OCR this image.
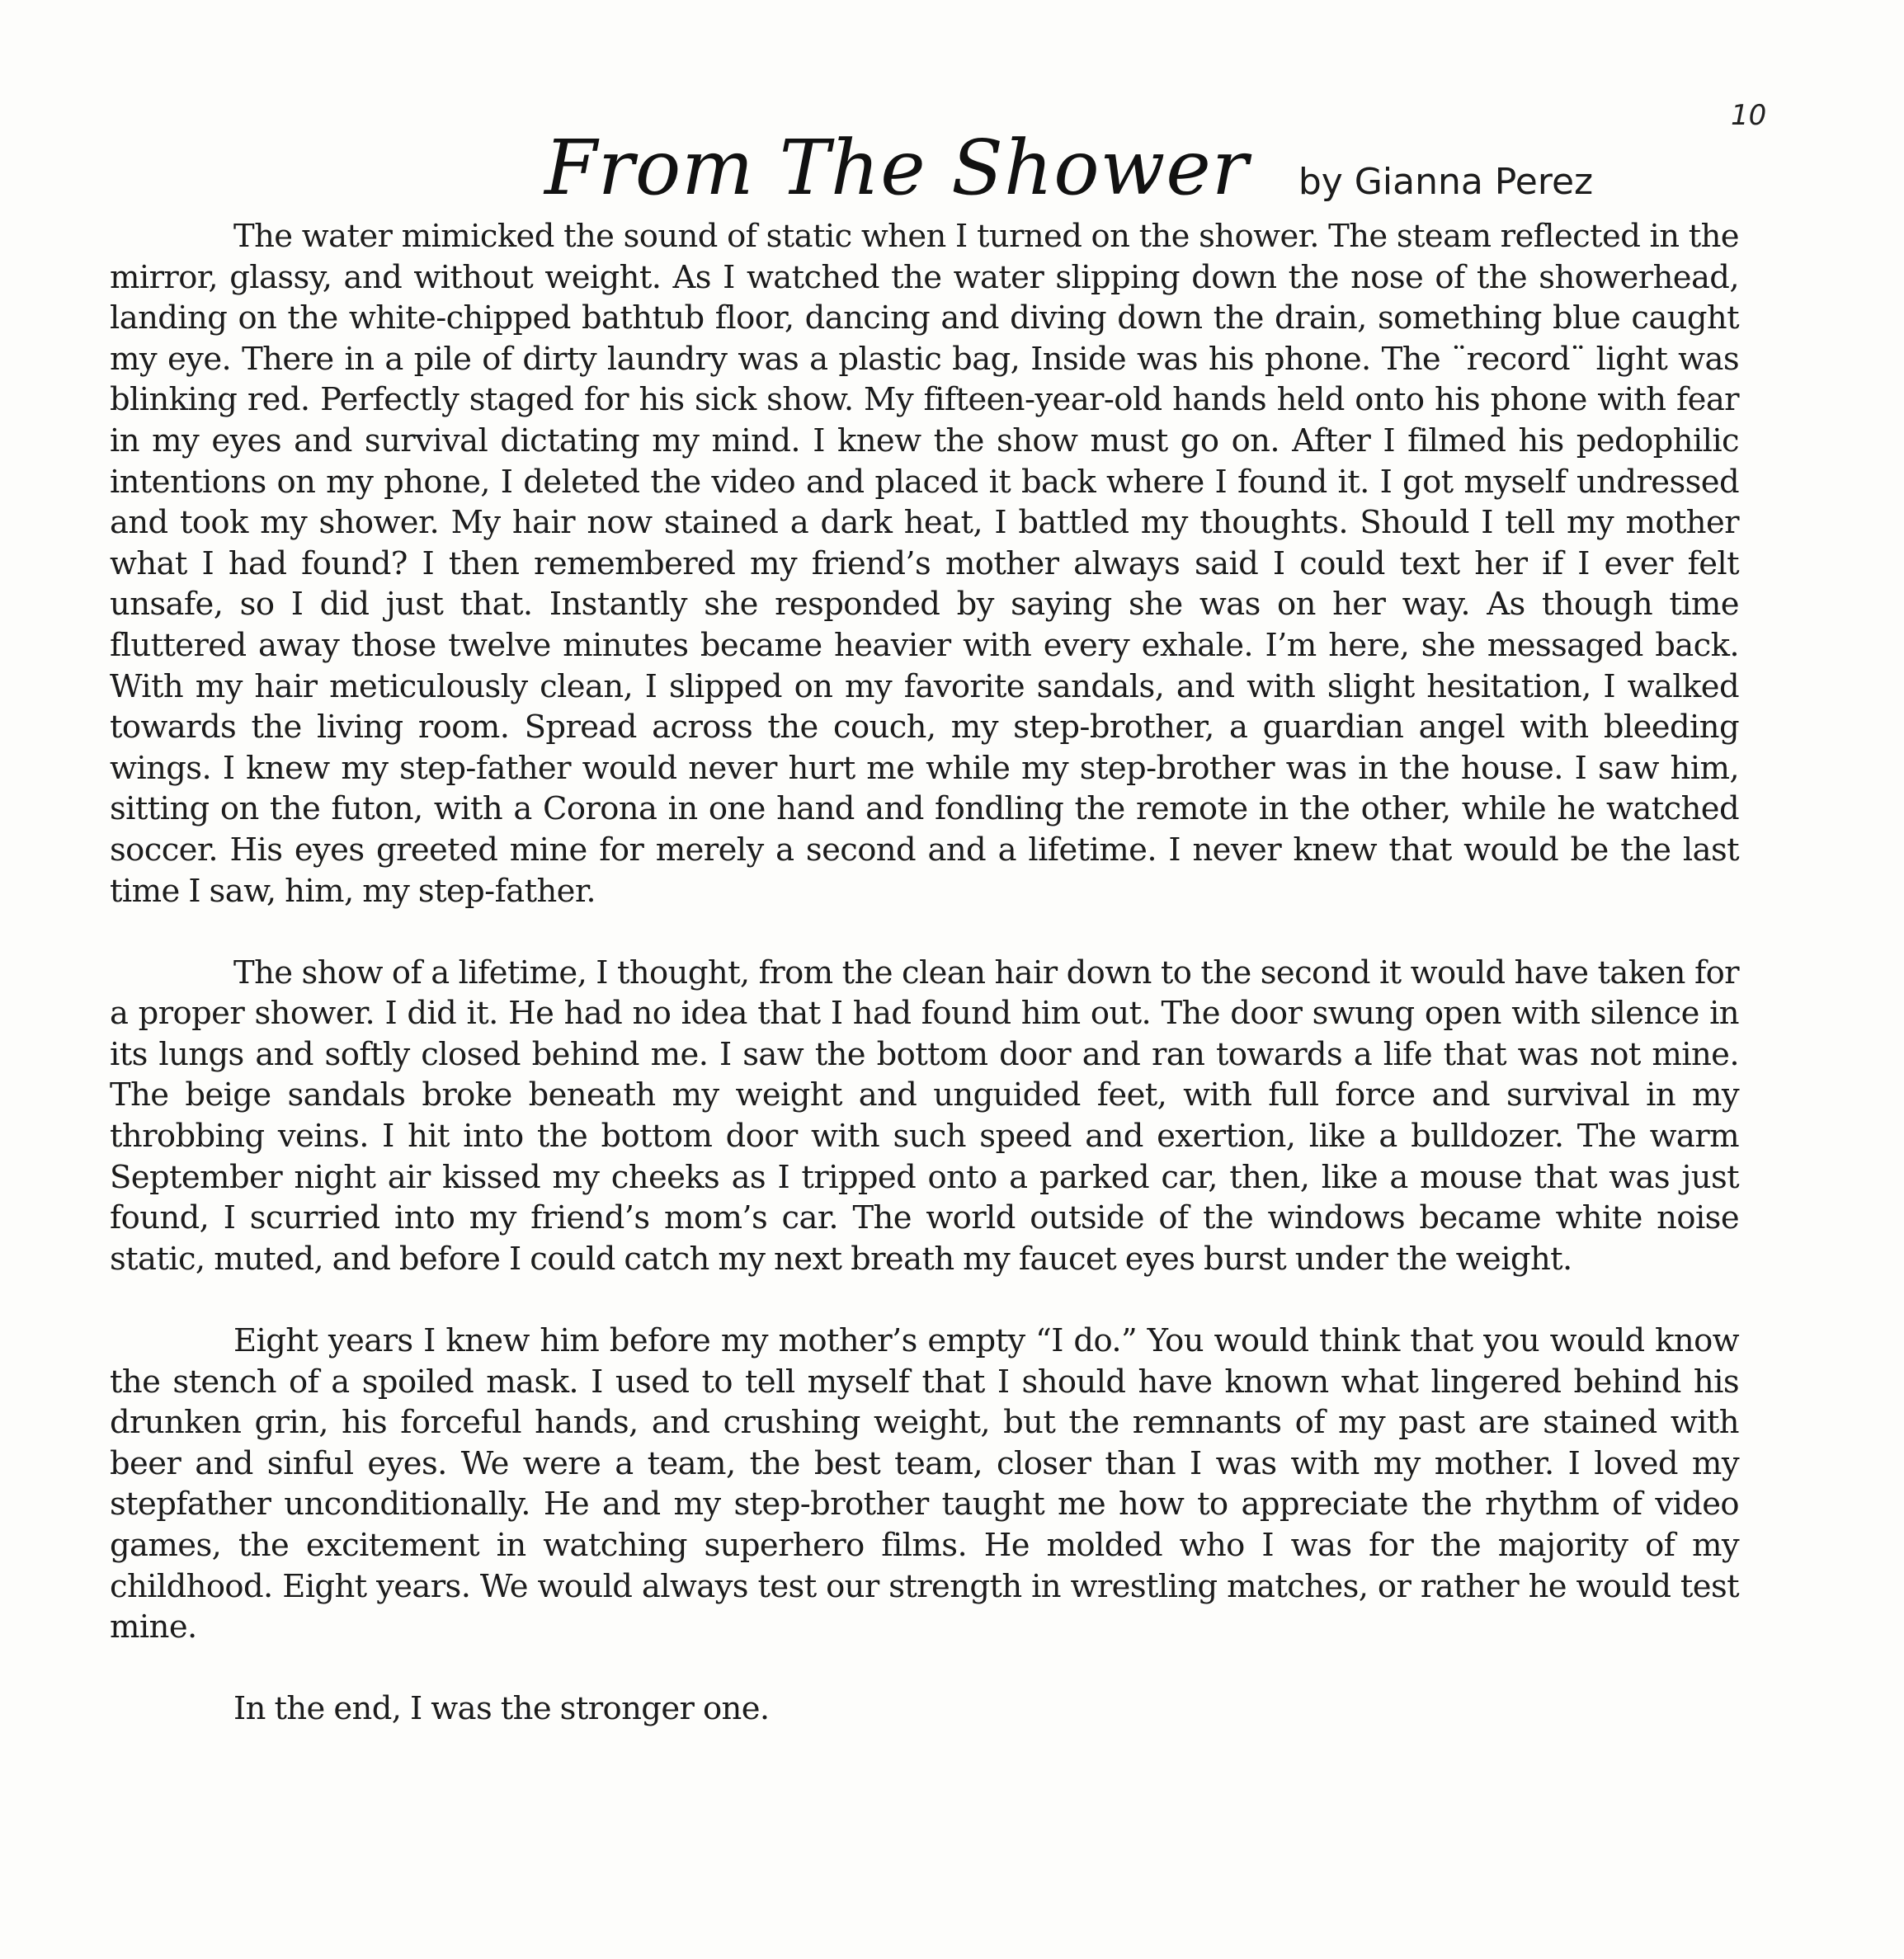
10
From The Shower by Gianna Perez

The water mimicked the sound of static when I turned on the shower. The steam reflected in the mirror, glassy, and without weight. As I watched the water slipping down the nose of the showerhead, landing on the white-chipped bathtub floor, dancing and diving down the drain, something blue caught my eye. There in a pile of dirty laundry was a plastic bag, Inside was his phone. The ¨record¨ light was blinking red. Perfectly staged for his sick show. My fifteen-year-old hands held onto his phone with fear in my eyes and survival dictating my mind. I knew the show must go on. After I filmed his pedophilic intentions on my phone, I deleted the video and placed it back where I found it. I got myself undressed and took my shower. My hair now stained a dark heat, I battled my thoughts. Should I tell my mother what I had found? I then remembered my friend’s mother always said I could text her if I ever felt unsafe, so I did just that. Instantly she responded by saying she was on her way. As though time fluttered away those twelve minutes became heavier with every exhale. I’m here, she messaged back. With my hair meticulously clean, I slipped on my favorite sandals, and with slight hesitation, I walked towards the living room. Spread across the couch, my step-brother, a guardian angel with bleeding wings. I knew my step-father would never hurt me while my step-brother was in the house. I saw him, sitting on the futon, with a Corona in one hand and fondling the remote in the other, while he watched soccer. His eyes greeted mine for merely a second and a lifetime. I never knew that would be the last time I saw, him, my step-father.

The show of a lifetime, I thought, from the clean hair down to the second it would have taken for a proper shower. I did it. He had no idea that I had found him out. The door swung open with silence in its lungs and softly closed behind me. I saw the bottom door and ran towards a life that was not mine. The beige sandals broke beneath my weight and unguided feet, with full force and survival in my throbbing veins. I hit into the bottom door with such speed and exertion, like a bulldozer. The warm September night air kissed my cheeks as I tripped onto a parked car, then, like a mouse that was just found, I scurried into my friend’s mom’s car. The world outside of the windows became white noise static, muted, and before I could catch my next breath my faucet eyes burst under the weight.

Eight years I knew him before my mother’s empty “I do.” You would think that you would know the stench of a spoiled mask. I used to tell myself that I should have known what lingered behind his drunken grin, his forceful hands, and crushing weight, but the remnants of my past are stained with beer and sinful eyes. We were a team, the best team, closer than I was with my mother. I loved my stepfather unconditionally. He and my step-brother taught me how to appreciate the rhythm of video games, the excitement in watching superhero films. He molded who I was for the majority of my childhood. Eight years. We would always test our strength in wrestling matches, or rather he would test mine.

In the end, I was the stronger one.
